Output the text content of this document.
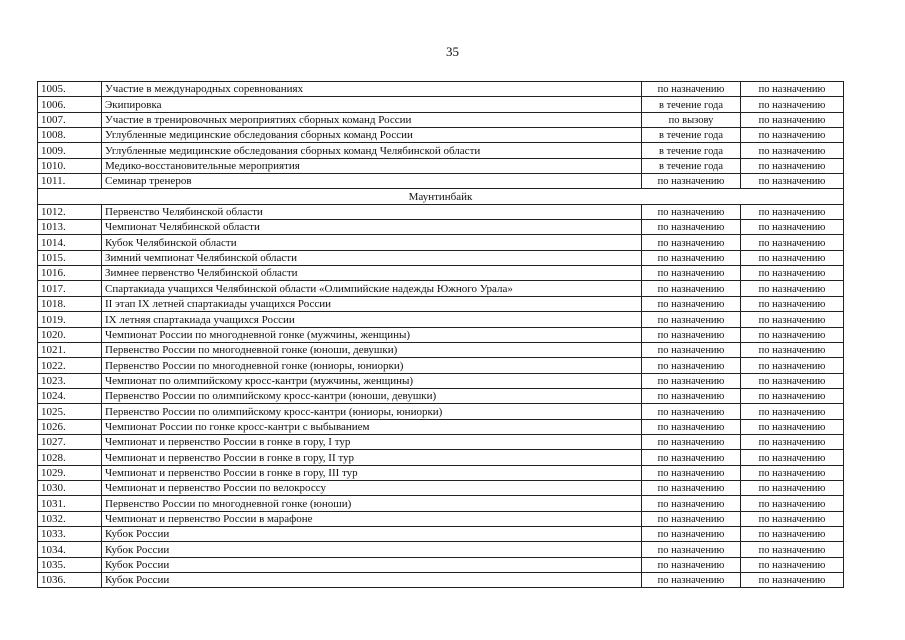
35
1005.	Участие в международных соревнованиях	по назначению	по назначению
1006.	Экипировка	в течение года	по назначению
1007.	Участие в тренировочных мероприятиях сборных команд России	по вызову	по назначению
1008.	Углубленные медицинские обследования сборных команд России	в течение года	по назначению
1009.	Углубленные медицинские обследования сборных команд Челябинской области	в течение года	по назначению
1010.	Медико-восстановительные мероприятия	в течение года	по назначению
1011.	Семинар тренеров	по назначению	по назначению
Маунтинбайк			
1012.	Первенство Челябинской области	по назначению	по назначению
1013.	Чемпионат Челябинской области	по назначению	по назначению
1014.	Кубок Челябинской области	по назначению	по назначению
1015.	Зимний чемпионат Челябинской области	по назначению	по назначению
1016.	Зимнее первенство Челябинской области	по назначению	по назначению
1017.	Спартакиада учащихся Челябинской области «Олимпийские надежды Южного Урала»	по назначению	по назначению
1018.	II этап IX летней спартакиады учащихся России	по назначению	по назначению
1019.	IX летняя спартакиада учащихся России	по назначению	по назначению
1020.	Чемпионат России по многодневной гонке (мужчины, женщины)	по назначению	по назначению
1021.	Первенство России по многодневной гонке (юноши, девушки)	по назначению	по назначению
1022.	Первенство России по многодневной гонке (юниоры, юниорки)	по назначению	по назначению
1023.	Чемпионат по олимпийскому кросс-кантри (мужчины, женщины)	по назначению	по назначению
1024.	Первенство России по олимпийскому кросс-кантри (юноши, девушки)	по назначению	по назначению
1025.	Первенство России по олимпийскому кросс-кантри (юниоры, юниорки)	по назначению	по назначению
1026.	Чемпионат России по гонке кросс-кантри с выбыванием	по назначению	по назначению
1027.	Чемпионат и первенство России в гонке в гору, I тур	по назначению	по назначению
1028.	Чемпионат и первенство России в гонке в гору, II тур	по назначению	по назначению
1029.	Чемпионат и первенство России в гонке в гору, III тур	по назначению	по назначению
1030.	Чемпионат и первенство России по велокроссу	по назначению	по назначению
1031.	Первенство России по многодневной гонке (юноши)	по назначению	по назначению
1032.	Чемпионат и первенство России в марафоне	по назначению	по назначению
1033.	Кубок России	по назначению	по назначению
1034.	Кубок России	по назначению	по назначению
1035.	Кубок России	по назначению	по назначению
1036.	Кубок России	по назначению	по назначению
